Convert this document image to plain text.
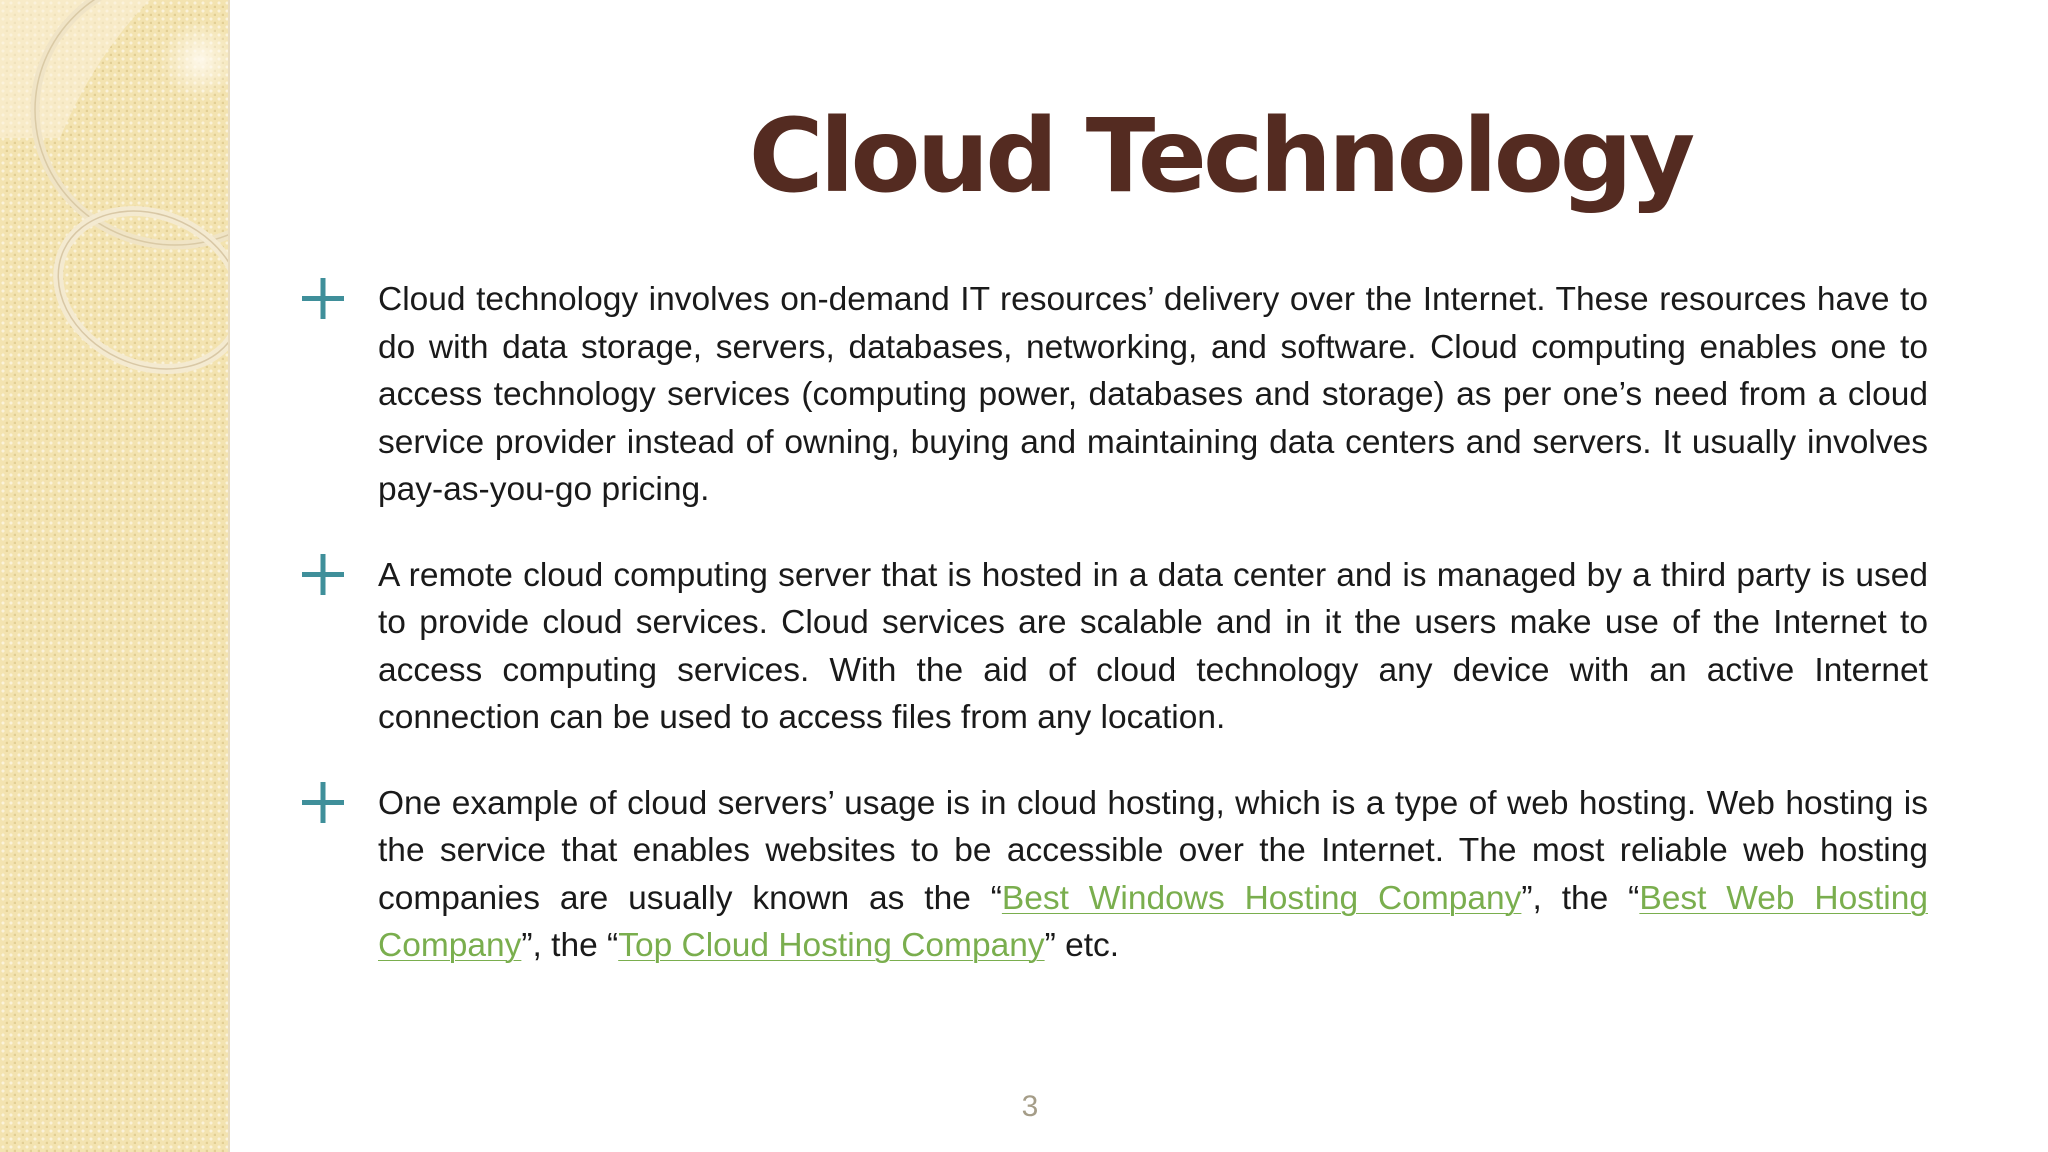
Cloud Technology

Cloud technology involves on-demand IT resources’ delivery over the Internet. These resources have to do with data storage, servers, databases, networking, and software. Cloud computing enables one to access technology services (computing power, databases and storage) as per one’s need from a cloud service provider instead of owning, buying and maintaining data centers and servers. It usually involves pay-as-you-go pricing.

A remote cloud computing server that is hosted in a data center and is managed by a third party is used to provide cloud services. Cloud services are scalable and in it the users make use of the Internet to access computing services. With the aid of cloud technology any device with an active Internet connection can be used to access files from any location.

One example of cloud servers’ usage is in cloud hosting, which is a type of web hosting. Web hosting is the service that enables websites to be accessible over the Internet. The most reliable web hosting companies are usually known as the “Best Windows Hosting Company”, the “Best Web Hosting Company”, the “Top Cloud Hosting Company” etc.

3
